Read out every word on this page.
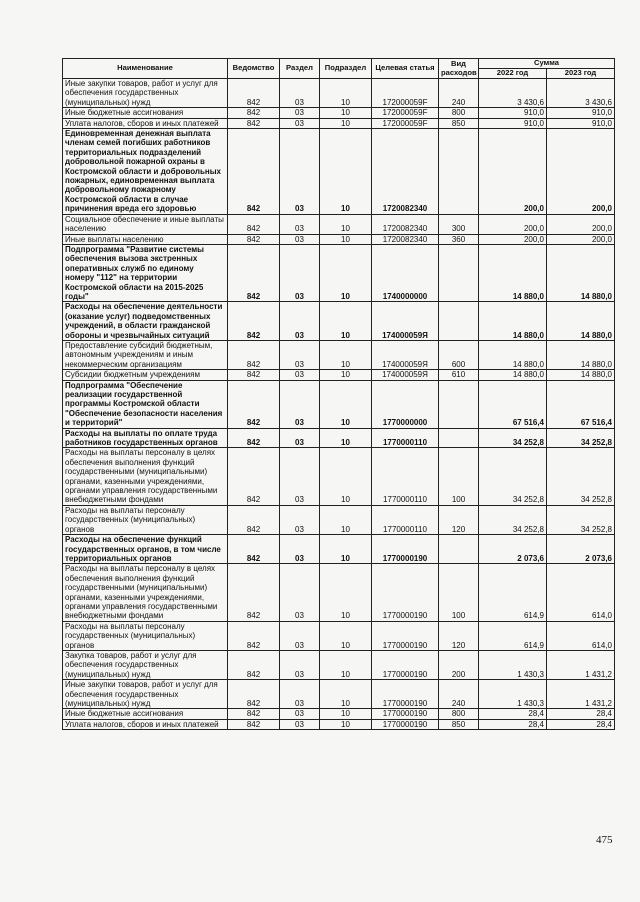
Наименование	Ведомство	Раздел	Подраздел	Целевая статья	Вид расходов	Сумма	
						2022 год	2023 год
Иные закупки товаров, работ и услуг для обеспечения государственных (муниципальных) нужд	842	03	10	172000059F	240	3 430,6	3 430,6
Иные бюджетные ассигнования	842	03	10	172000059F	800	910,0	910,0
Уплата налогов, сборов и иных платежей	842	03	10	172000059F	850	910,0	910,0
Единовременная денежная выплата членам семей погибших работников территориальных подразделений добровольной пожарной охраны в Костромской области и добровольных пожарных, единовременная выплата добровольному пожарному Костромской области в случае причинения вреда его здоровью	842	03	10	1720082340		200,0	200,0
Социальное обеспечение и иные выплаты населению	842	03	10	1720082340	300	200,0	200,0
Иные выплаты населению	842	03	10	1720082340	360	200,0	200,0
Подпрограмма "Развитие системы обеспечения вызова экстренных оперативных служб по единому номеру "112" на территории Костромской области на 2015-2025 годы"	842	03	10	1740000000		14 880,0	14 880,0
Расходы на обеспечение деятельности (оказание услуг) подведомственных учреждений, в области гражданской обороны и чрезвычайных ситуаций	842	03	10	174000059Я		14 880,0	14 880,0
Предоставление субсидий бюджетным, автономным учреждениям и иным некоммерческим организациям	842	03	10	174000059Я	600	14 880,0	14 880,0
Субсидии бюджетным учреждениям	842	03	10	174000059Я	610	14 880,0	14 880,0
Подпрограмма "Обеспечение реализации государственной программы Костромской области "Обеспечение безопасности населения и территорий"	842	03	10	1770000000		67 516,4	67 516,4
Расходы на выплаты по оплате труда работников государственных органов	842	03	10	1770000110		34 252,8	34 252,8
Расходы на выплаты персоналу в целях обеспечения выполнения функций государственными (муниципальными) органами, казенными учреждениями, органами управления государственными внебюджетными фондами	842	03	10	1770000110	100	34 252,8	34 252,8
Расходы на выплаты персоналу государственных (муниципальных) органов	842	03	10	1770000110	120	34 252,8	34 252,8
Расходы на обеспечение функций государственных органов, в том числе территориальных органов	842	03	10	1770000190		2 073,6	2 073,6
Расходы на выплаты персоналу в целях обеспечения выполнения функций государственными (муниципальными) органами, казенными учреждениями, органами управления государственными внебюджетными фондами	842	03	10	1770000190	100	614,9	614,0
Расходы на выплаты персоналу государственных (муниципальных) органов	842	03	10	1770000190	120	614,9	614,0
Закупка товаров, работ и услуг для обеспечения государственных (муниципальных) нужд	842	03	10	1770000190	200	1 430,3	1 431,2
Иные закупки товаров, работ и услуг для обеспечения государственных (муниципальных) нужд	842	03	10	1770000190	240	1 430,3	1 431,2
Иные бюджетные ассигнования	842	03	10	1770000190	800	28,4	28,4
Уплата налогов, сборов и иных платежей	842	03	10	1770000190	850	28,4	28,4
475
